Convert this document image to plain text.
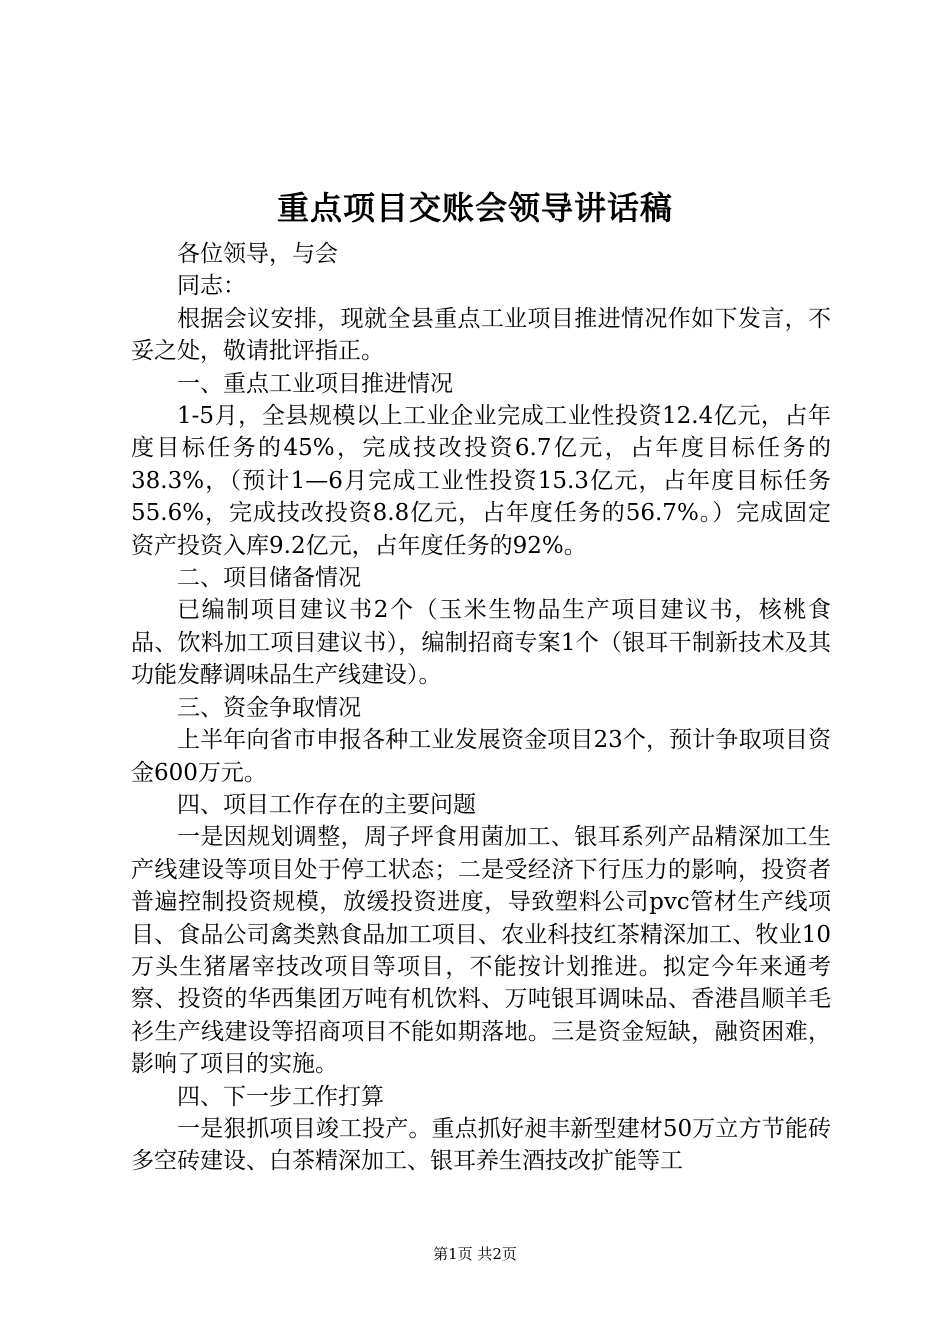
重点项目交账会领导讲话稿

各位领导，与会

同志：

根据会议安排，现就全县重点工业项目推进情况作如下发言，不妥之处，敬请批评指正。

一、重点工业项目推进情况

1-5月，全县规模以上工业企业完成工业性投资12.4亿元，占年度目标任务的45%，完成技改投资6.7亿元，占年度目标任务的38.3%，（预计1—6月完成工业性投资15.3亿元，占年度目标任务55.6%，完成技改投资8.8亿元，占年度任务的56.7%。）完成固定资产投资入库9.2亿元，占年度任务的92%。

二、项目储备情况

已编制项目建议书2个（玉米生物品生产项目建议书，核桃食品、饮料加工项目建议书），编制招商专案1个（银耳干制新技术及其功能发酵调味品生产线建设）。

三、资金争取情况

上半年向省市申报各种工业发展资金项目23个，预计争取项目资金600万元。

四、项目工作存在的主要问题

一是因规划调整，周子坪食用菌加工、银耳系列产品精深加工生产线建设等项目处于停工状态；二是受经济下行压力的影响，投资者普遍控制投资规模，放缓投资进度，导致塑料公司pvc管材生产线项目、食品公司禽类熟食品加工项目、农业科技红茶精深加工、牧业10万头生猪屠宰技改项目等项目，不能按计划推进。拟定今年来通考察、投资的华西集团万吨有机饮料、万吨银耳调味品、香港昌顺羊毛衫生产线建设等招商项目不能如期落地。三是资金短缺，融资困难，影响了项目的实施。

四、下一步工作打算

一是狠抓项目竣工投产。重点抓好昶丰新型建材50万立方节能砖多空砖建设、白茶精深加工、银耳养生酒技改扩能等工

第1页 共2页
